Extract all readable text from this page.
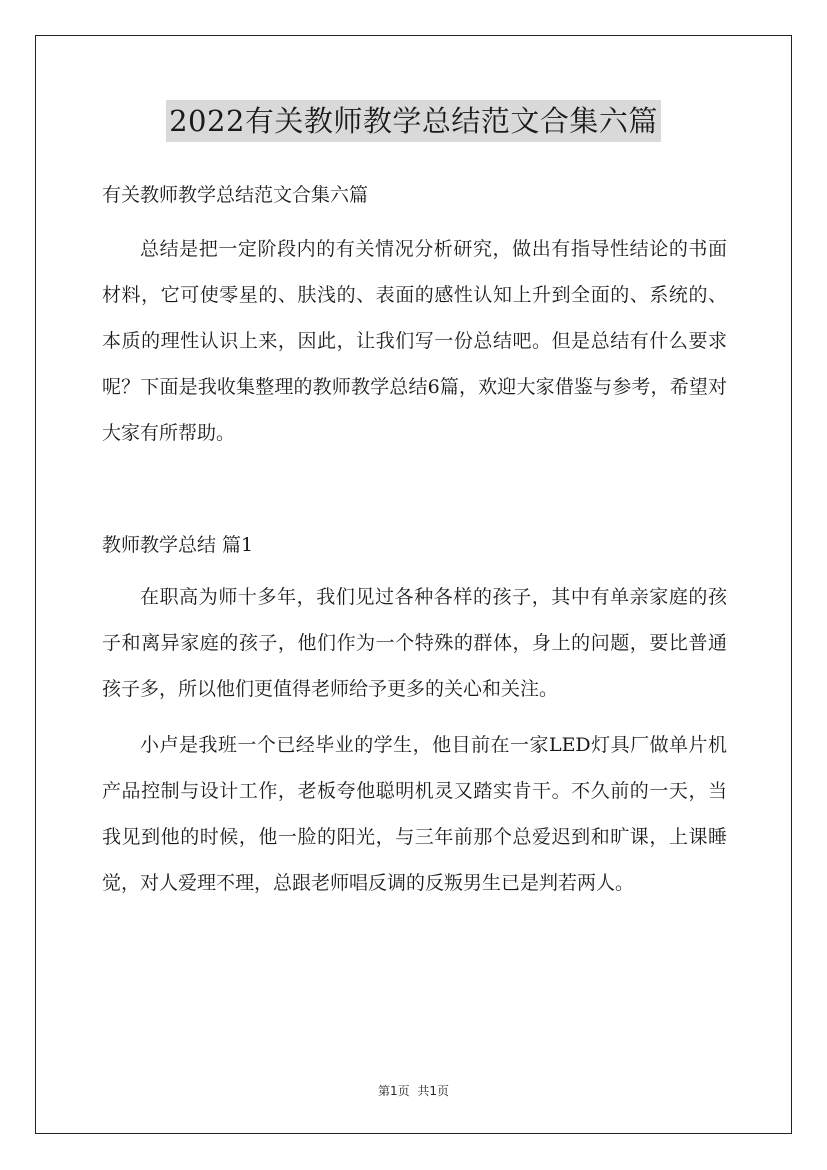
2022有关教师教学总结范文合集六篇

有关教师教学总结范文合集六篇

总结是把一定阶段内的有关情况分析研究，做出有指导性结论的书面材料，它可使零星的、肤浅的、表面的感性认知上升到全面的、系统的、本质的理性认识上来，因此，让我们写一份总结吧。但是总结有什么要求呢？下面是我收集整理的教师教学总结6篇，欢迎大家借鉴与参考，希望对大家有所帮助。

教师教学总结 篇1

在职高为师十多年，我们见过各种各样的孩子，其中有单亲家庭的孩子和离异家庭的孩子，他们作为一个特殊的群体，身上的问题，要比普通孩子多，所以他们更值得老师给予更多的关心和关注。

小卢是我班一个已经毕业的学生，他目前在一家LED灯具厂做单片机产品控制与设计工作，老板夸他聪明机灵又踏实肯干。不久前的一天，当我见到他的时候，他一脸的阳光，与三年前那个总爱迟到和旷课，上课睡觉，对人爱理不理，总跟老师唱反调的反叛男生已是判若两人。

第1页 共1页
